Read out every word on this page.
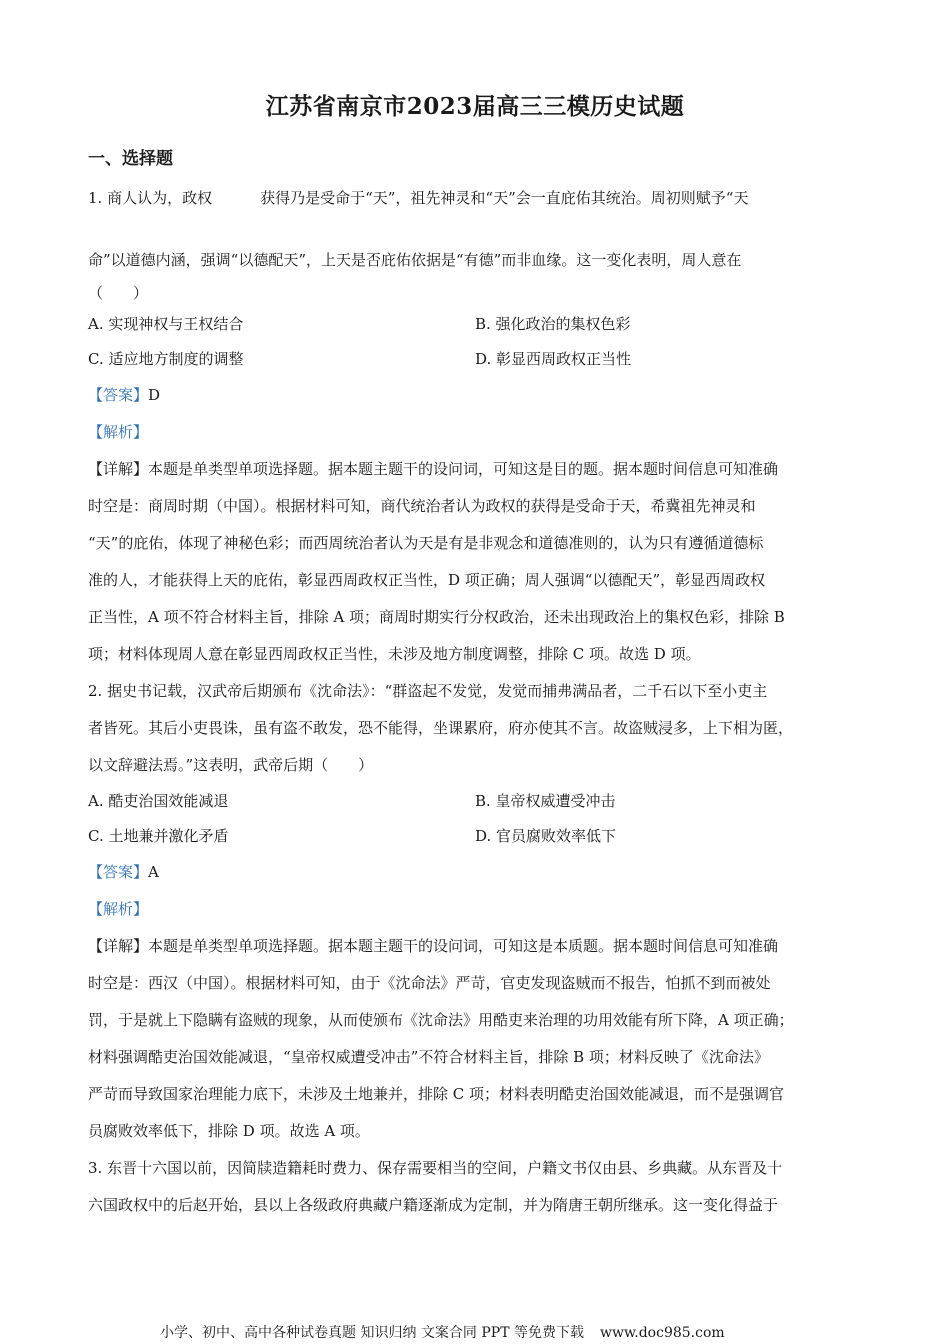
江苏省南京市2023届高三三模历史试题
一、选择题
1. 商人认为，政权	获得乃是受命于“天”，祖先神灵和“天”会一直庇佑其统治。周初则赋予“天
命”以道德内涵，强调“以德配天”，上天是否庇佑依据是“有德”而非血缘。这一变化表明，周人意在
（　　）
A. 实现神权与王权结合	B. 强化政治的集权色彩
C. 适应地方制度的调整	D. 彰显西周政权正当性
【答案】D
【解析】
【详解】本题是单类型单项选择题。据本题主题干的设问词，可知这是目的题。据本题时间信息可知准确
时空是：商周时期（中国）。根据材料可知，商代统治者认为政权的获得是受命于天，希冀祖先神灵和
“天”的庇佑，体现了神秘色彩；而西周统治者认为天是有是非观念和道德准则的，认为只有遵循道德标
准的人，才能获得上天的庇佑，彰显西周政权正当性，D 项正确；周人强调“以德配天”，彰显西周政权
正当性，A 项不符合材料主旨，排除 A 项；商周时期实行分权政治，还未出现政治上的集权色彩，排除 B
项；材料体现周人意在彰显西周政权正当性，未涉及地方制度调整，排除 C 项。故选 D 项。
2. 据史书记载，汉武帝后期颁布《沈命法》：“群盗起不发觉，发觉而捕弗满品者，二千石以下至小吏主
者皆死。其后小吏畏诛，虽有盗不敢发，恐不能得，坐课累府，府亦使其不言。故盗贼浸多，上下相为匿，
以文辞避法焉。”这表明，武帝后期（　　）
A. 酷吏治国效能减退	B. 皇帝权威遭受冲击
C. 土地兼并激化矛盾	D. 官员腐败效率低下
【答案】A
【解析】
【详解】本题是单类型单项选择题。据本题主题干的设问词，可知这是本质题。据本题时间信息可知准确
时空是：西汉（中国）。根据材料可知，由于《沈命法》严苛，官吏发现盗贼而不报告，怕抓不到而被处
罚，于是就上下隐瞒有盗贼的现象，从而使颁布《沈命法》用酷吏来治理的功用效能有所下降，A 项正确；
材料强调酷吏治国效能减退，“皇帝权威遭受冲击”不符合材料主旨，排除 B 项；材料反映了《沈命法》
严苛而导致国家治理能力底下，未涉及土地兼并，排除 C 项；材料表明酷吏治国效能减退，而不是强调官
员腐败效率低下，排除 D 项。故选 A 项。
3. 东晋十六国以前，因简牍造籍耗时费力、保存需要相当的空间，户籍文书仅由县、乡典藏。从东晋及十
六国政权中的后赵开始，县以上各级政府典藏户籍逐渐成为定制，并为隋唐王朝所继承。这一变化得益于
小学、初中、高中各种试卷真题 知识归纳 文案合同 PPT 等免费下载 www.doc985.com
